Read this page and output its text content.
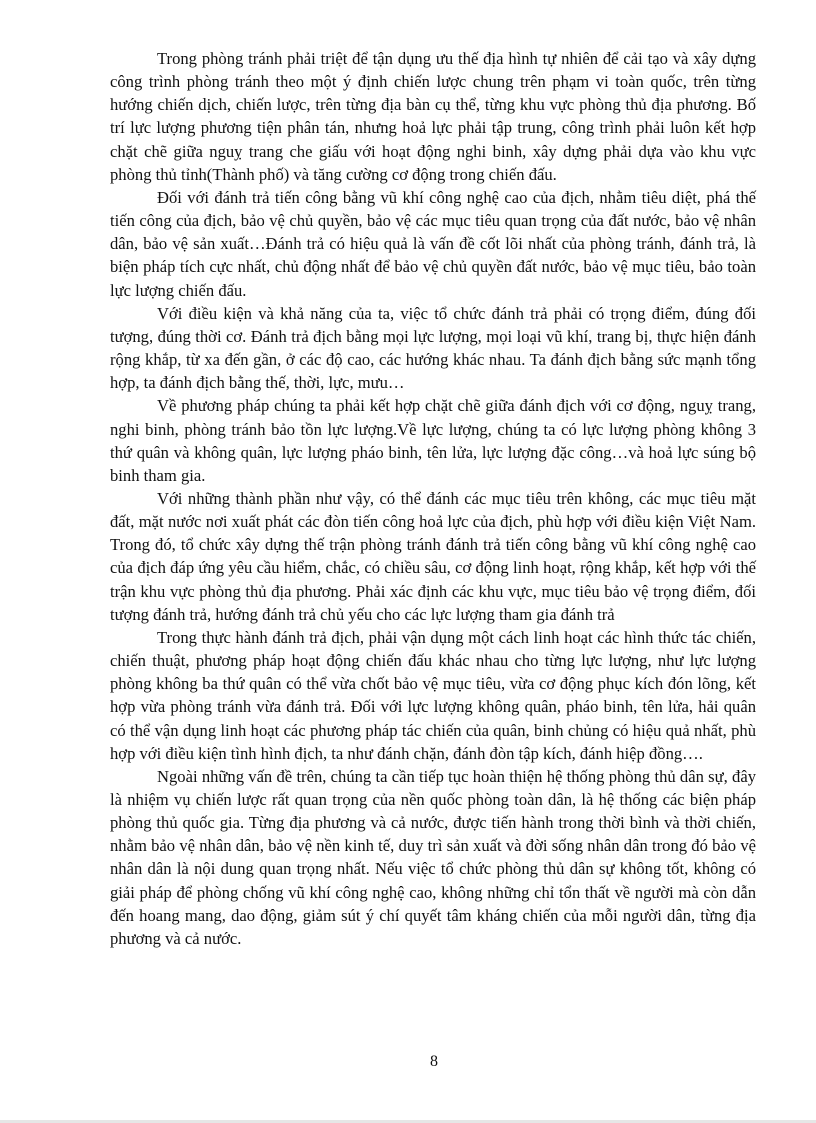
Trong phòng tránh phải triệt để tận dụng ưu thế địa hình tự nhiên để cải tạo và xây dựng công trình phòng tránh theo một ý định chiến lược chung trên phạm vi toàn quốc, trên từng hướng chiến dịch, chiến lược, trên từng địa bàn cụ thể, từng khu vực phòng thủ địa phương. Bố trí lực lượng phương tiện phân tán, nhưng hoả lực phải tập trung, công trình phải luôn kết hợp chặt chẽ giữa nguỵ trang che giấu với hoạt động nghi binh, xây dựng phải dựa vào khu vực phòng thủ tỉnh(Thành phố) và tăng cường cơ động trong chiến đấu.

Đối với đánh trả tiến công bằng vũ khí công nghệ cao của địch, nhằm tiêu diệt, phá thế tiến công của địch, bảo vệ chủ quyền, bảo vệ các mục tiêu quan trọng của đất nước, bảo vệ nhân dân, bảo vệ sản xuất…Đánh trả có hiệu quả là vấn đề cốt lõi nhất của phòng tránh, đánh trả, là biện pháp tích cực nhất, chủ động nhất để bảo vệ chủ quyền đất nước, bảo vệ mục tiêu, bảo toàn lực lượng chiến đấu.

Với điều kiện và khả năng của ta, việc tổ chức đánh trả phải có trọng điểm, đúng đối tượng, đúng thời cơ. Đánh trả địch bằng mọi lực lượng, mọi loại vũ khí, trang bị, thực hiện đánh rộng khắp, từ xa đến gần, ở các độ cao, các hướng khác nhau. Ta đánh địch bằng sức mạnh tổng hợp, ta đánh địch bằng thế, thời, lực, mưu…

Về phương pháp chúng ta phải kết hợp chặt chẽ giữa đánh địch với cơ động, nguỵ trang, nghi binh, phòng tránh bảo tồn lực lượng.Về lực lượng, chúng ta có lực lượng phòng không 3 thứ quân và không quân, lực lượng pháo binh, tên lửa, lực lượng đặc công…và hoả lực súng bộ binh tham gia.

Với những thành phần như vậy, có thể đánh các mục tiêu trên không, các mục tiêu mặt đất, mặt nước nơi xuất phát các đòn tiến công hoả lực của địch, phù hợp với điều kiện Việt Nam. Trong đó, tổ chức xây dựng thế trận phòng tránh đánh trả tiến công bằng vũ khí công nghệ cao của địch đáp ứng yêu cầu hiểm, chắc, có chiều sâu, cơ động linh hoạt, rộng khắp, kết hợp với thế trận khu vực phòng thủ địa phương. Phải xác định các khu vực, mục tiêu bảo vệ trọng điểm, đối tượng đánh trả, hướng đánh trả chủ yếu cho các lực lượng tham gia đánh trả

Trong thực hành đánh trả địch, phải vận dụng một cách linh hoạt các hình thức tác chiến, chiến thuật, phương pháp hoạt động chiến đấu khác nhau cho từng lực lượng, như lực lượng phòng không ba thứ quân có thể vừa chốt bảo vệ mục tiêu, vừa cơ động phục kích đón lõng, kết hợp vừa phòng tránh vừa đánh trả. Đối với lực lượng không quân, pháo binh, tên lửa, hải quân có thể vận dụng linh hoạt các phương pháp tác chiến của quân, binh chủng có hiệu quả nhất, phù hợp với điều kiện tình hình địch, ta như đánh chặn, đánh đòn tập kích, đánh hiệp đồng….

Ngoài những vấn đề trên, chúng ta cần tiếp tục hoàn thiện hệ thống phòng thủ dân sự, đây là nhiệm vụ chiến lược rất quan trọng của nền quốc phòng toàn dân, là hệ thống các biện pháp phòng thủ quốc gia. Từng địa phương và cả nước, được tiến hành trong thời bình và thời chiến, nhằm bảo vệ nhân dân, bảo vệ nền kinh tế, duy trì sản xuất và đời sống nhân dân trong đó bảo vệ nhân dân là nội dung quan trọng nhất. Nếu việc tổ chức phòng thủ dân sự không tốt, không có giải pháp để phòng chống vũ khí công nghệ cao, không những chỉ tổn thất về người mà còn dẫn đến hoang mang, dao động, giảm sút ý chí quyết tâm kháng chiến của mỗi người dân, từng địa phương và cả nước.

8
